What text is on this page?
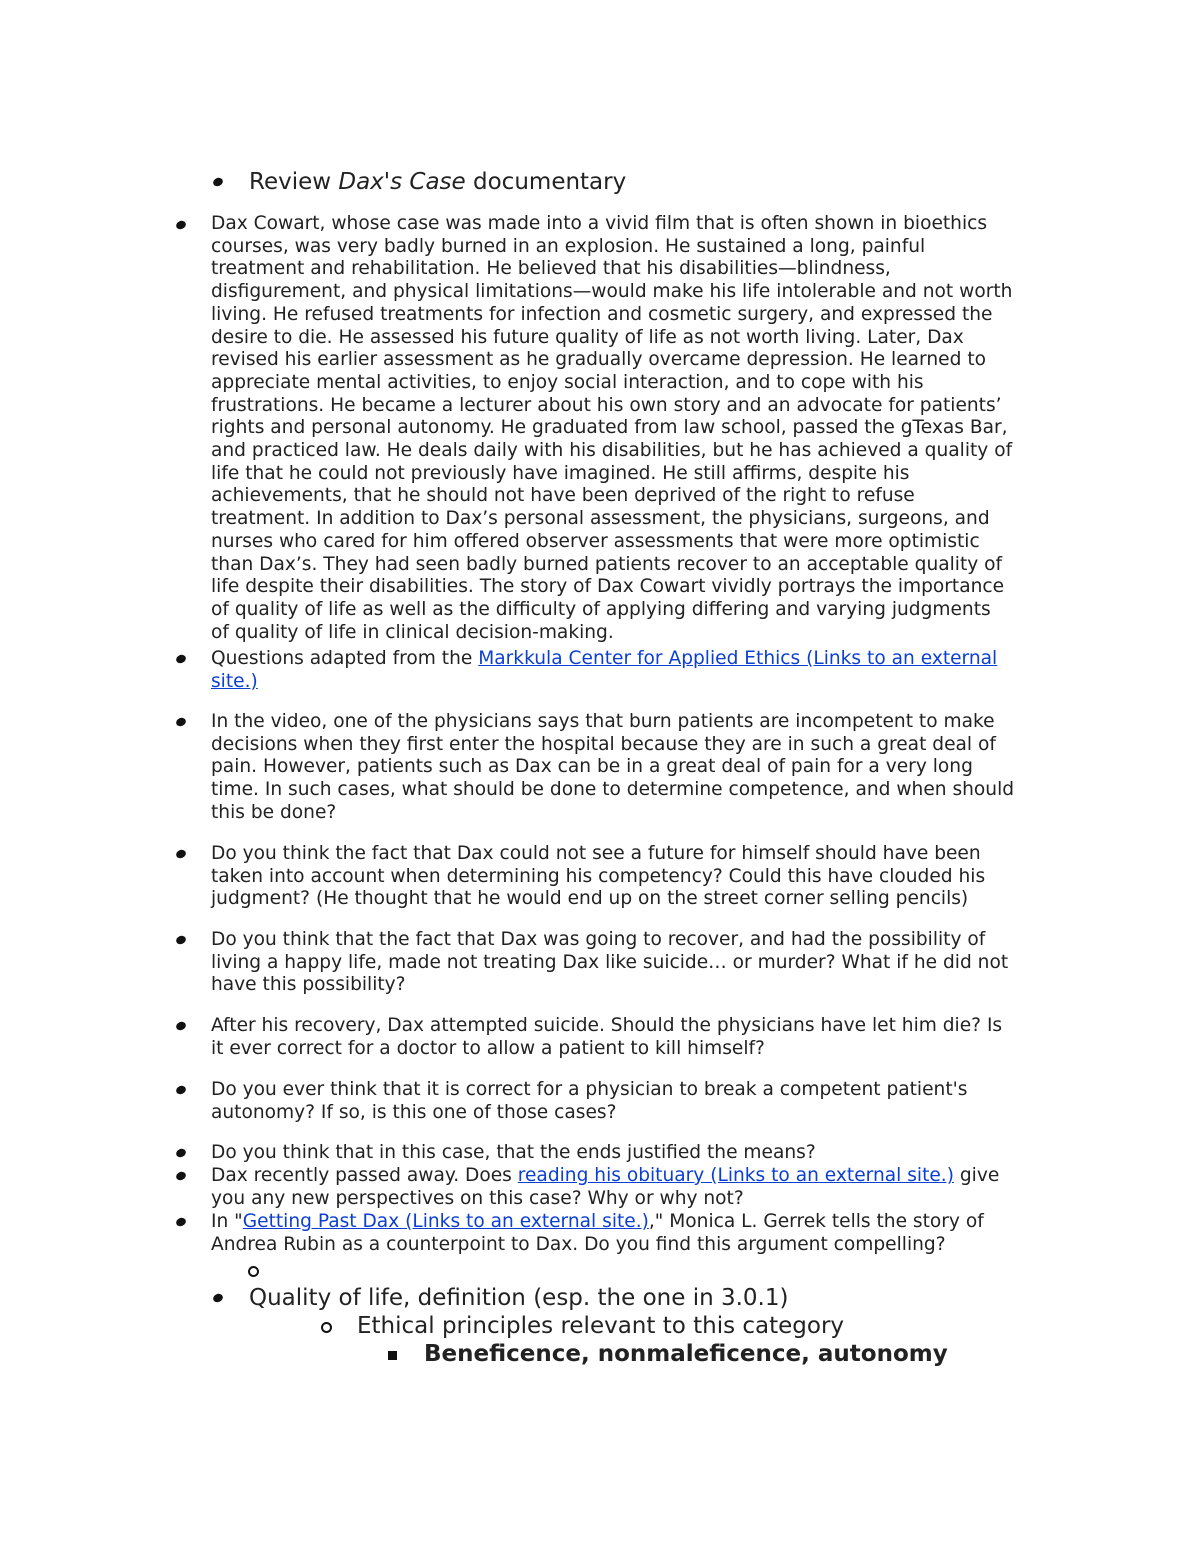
Review Dax's Case documentary
Dax Cowart, whose case was made into a vivid film that is often shown in bioethics
courses, was very badly burned in an explosion. He sustained a long, painful
treatment and rehabilitation. He believed that his disabilities—blindness,
disfigurement, and physical limitations—would make his life intolerable and not worth
living. He refused treatments for infection and cosmetic surgery, and expressed the
desire to die. He assessed his future quality of life as not worth living. Later, Dax
revised his earlier assessment as he gradually overcame depression. He learned to
appreciate mental activities, to enjoy social interaction, and to cope with his
frustrations. He became a lecturer about his own story and an advocate for patients’
rights and personal autonomy. He graduated from law school, passed the gTexas Bar,
and practiced law. He deals daily with his disabilities, but he has achieved a quality of
life that he could not previously have imagined. He still affirms, despite his
achievements, that he should not have been deprived of the right to refuse
treatment. In addition to Dax’s personal assessment, the physicians, surgeons, and
nurses who cared for him offered observer assessments that were more optimistic
than Dax’s. They had seen badly burned patients recover to an acceptable quality of
life despite their disabilities. The story of Dax Cowart vividly portrays the importance
of quality of life as well as the difficulty of applying differing and varying judgments
of quality of life in clinical decision-making.
Questions adapted from the Markkula Center for Applied Ethics (Links to an external
site.)
In the video, one of the physicians says that burn patients are incompetent to make
decisions when they first enter the hospital because they are in such a great deal of
pain. However, patients such as Dax can be in a great deal of pain for a very long
time. In such cases, what should be done to determine competence, and when should
this be done?
Do you think the fact that Dax could not see a future for himself should have been
taken into account when determining his competency? Could this have clouded his
judgment? (He thought that he would end up on the street corner selling pencils)
Do you think that the fact that Dax was going to recover, and had the possibility of
living a happy life, made not treating Dax like suicide… or murder? What if he did not
have this possibility?
After his recovery, Dax attempted suicide. Should the physicians have let him die? Is
it ever correct for a doctor to allow a patient to kill himself?
Do you ever think that it is correct for a physician to break a competent patient's
autonomy? If so, is this one of those cases?
Do you think that in this case, that the ends justified the means?
Dax recently passed away. Does reading his obituary (Links to an external site.) give
you any new perspectives on this case? Why or why not?
In "Getting Past Dax (Links to an external site.)," Monica L. Gerrek tells the story of
Andrea Rubin as a counterpoint to Dax. Do you find this argument compelling?
Quality of life, definition (esp. the one in 3.0.1)
Ethical principles relevant to this category
Beneficence, nonmaleficence, autonomy
